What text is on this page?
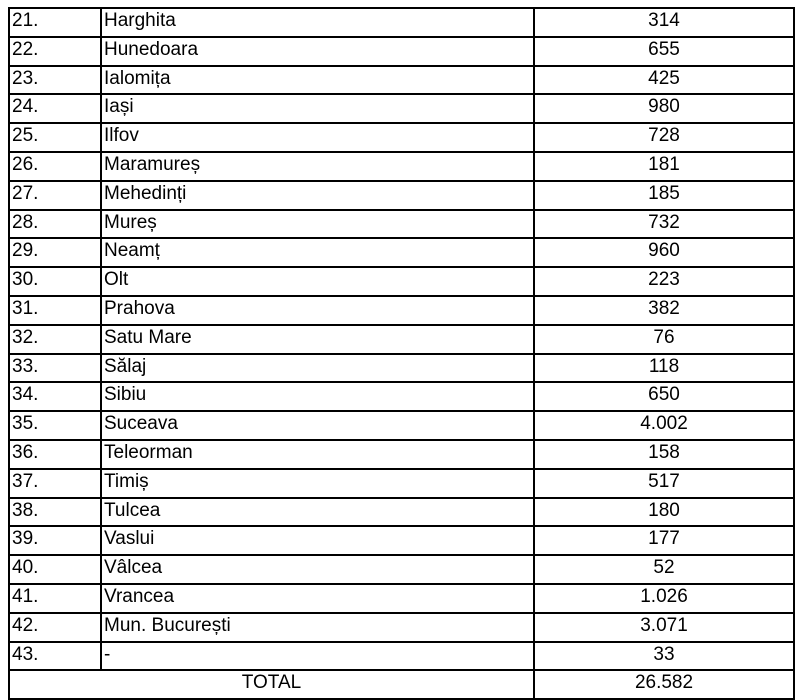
21.	Harghita	314
22.	Hunedoara	655
23.	Ialomița	425
24.	Iași	980
25.	Ilfov	728
26.	Maramureș	181
27.	Mehedinți	185
28.	Mureș	732
29.	Neamț	960
30.	Olt	223
31.	Prahova	382
32.	Satu Mare	76
33.	Sălaj	118
34.	Sibiu	650
35.	Suceava	4.002
36.	Teleorman	158
37.	Timiș	517
38.	Tulcea	180
39.	Vaslui	177
40.	Vâlcea	52
41.	Vrancea	1.026
42.	Mun. București	3.071
43.	-	33
TOTAL		26.582
